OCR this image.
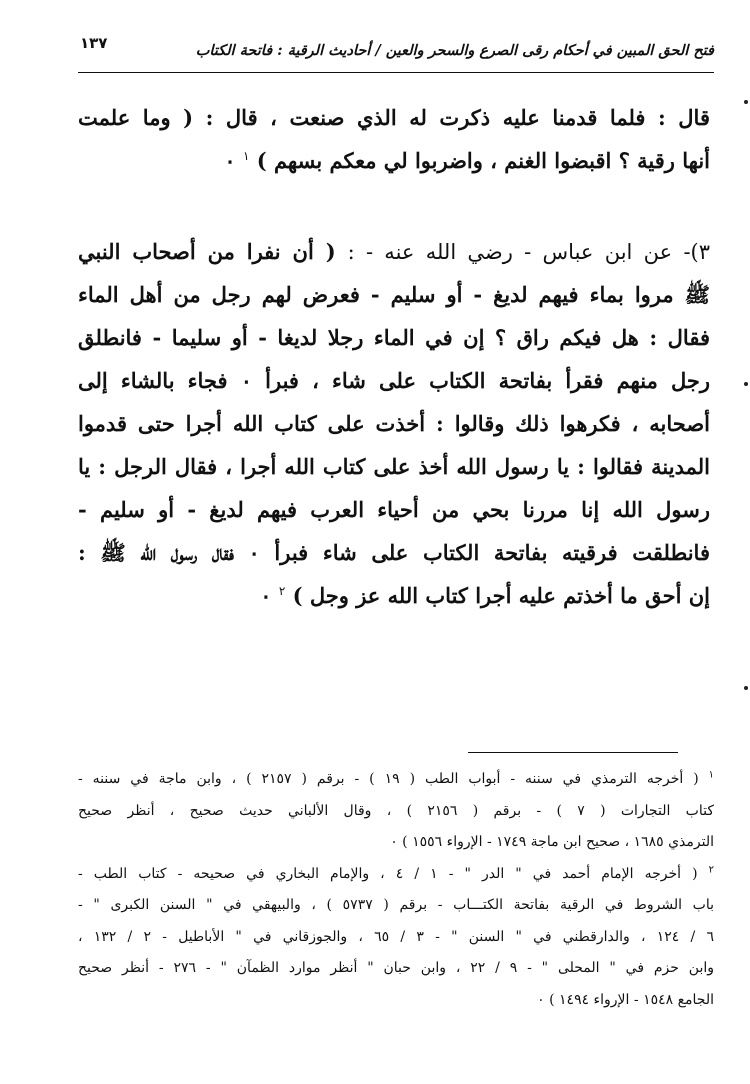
١٣٧	فتح الحق المبين في أحكام رقى الصرع والسحر والعين / أحاديث الرقية : فاتحة الكتاب
قال : فلما قدمنا عليه ذكرت له الذي صنعت ، قال : ( وما علمت
أنها رقية ؟ اقبضوا الغنم ، واضربوا لي معكم بسهم ) $^١$ ٠
٣)- عن ابن عباس - رضي الله عنه - : ( أن نفرا من أصحاب النبي
ﷺ مروا بماء فيهم لديغ - أو سليم - فعرض لهم رجل من أهل الماء
فقال : هل فيكم راق ؟ إن في الماء رجلا لديغا - أو سليما - فانطلق
رجل منهم فقرأ بفاتحة الكتاب على شاء ، فبرأ ٠ فجاء بالشاء إلى
أصحابه ، فكرهوا ذلك وقالوا : أخذت على كتاب الله أجرا حتى قدموا
المدينة فقالوا : يا رسول الله أخذ على كتاب الله أجرا ، فقال الرجل : يا
رسول الله إنا مررنا بحي من أحياء العرب فيهم لديغ - أو سليم -
فانطلقت فرقيته بفاتحة الكتاب على شاء فبرأ ٠ فقال رسول الله ﷺ :
إن أحق ما أخذتم عليه أجرا كتاب الله عز وجل ) $^٢$ ٠
$^١$ ( أخرجه الترمذي في سننه - أبواب الطب ( ١٩ ) - برقم ( ٢١٥٧ ) ، وابن ماجة في سننه -
كتاب التجارات ( ٧ ) - برقم ( ٢١٥٦ ) ، وقال الألباني حديث صحيح ، أنظر صحيح
الترمذي ١٦٨٥ ، صحيح ابن ماجة ١٧٤٩ - الإرواء ١٥٥٦ ) ٠
$^٢$ ( أخرجه الإمام أحمد في " الدر " - ١ / ٤ ، والإمام البخاري في صحيحه - كتاب الطب -
باب الشروط في الرقية بفاتحة الكتـــاب - برقم ( ٥٧٣٧ ) ، والبيهقي في " السنن الكبرى " -
٦ / ١٢٤ ، والدارقطني في " السنن " - ٣ / ٦٥ ، والجوزقاني في " الأباطيل - ٢ / ١٣٢ ،
وابن حزم في " المحلى " - ٩ / ٢٢ ، وابن حبان " أنظر موارد الظمآن " - ٢٧٦ - أنظر صحيح
الجامع ١٥٤٨ - الإرواء ١٤٩٤ ) ٠
